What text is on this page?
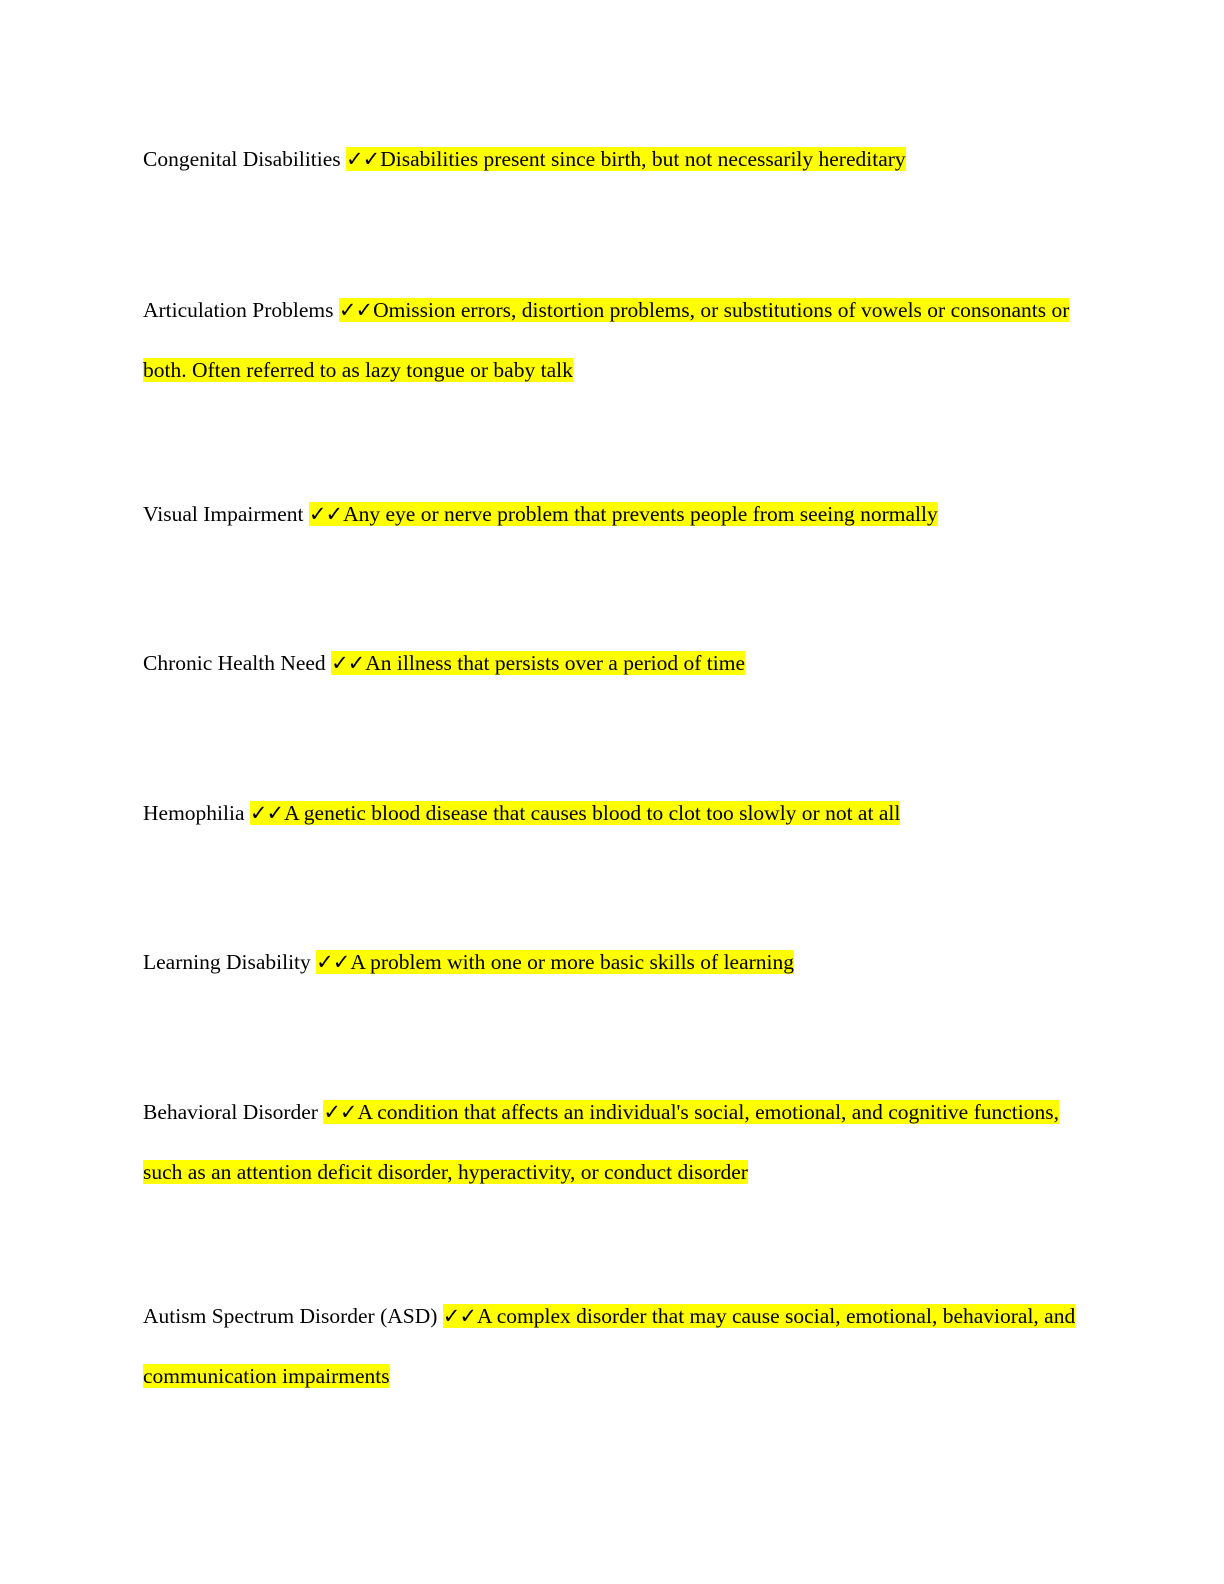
Congenital Disabilities ✓✓Disabilities present since birth, but not necessarily hereditary

Articulation Problems ✓✓Omission errors, distortion problems, or substitutions of vowels or consonants or both. Often referred to as lazy tongue or baby talk

Visual Impairment ✓✓Any eye or nerve problem that prevents people from seeing normally

Chronic Health Need ✓✓An illness that persists over a period of time

Hemophilia ✓✓A genetic blood disease that causes blood to clot too slowly or not at all

Learning Disability ✓✓A problem with one or more basic skills of learning

Behavioral Disorder ✓✓A condition that affects an individual's social, emotional, and cognitive functions, such as an attention deficit disorder, hyperactivity, or conduct disorder

Autism Spectrum Disorder (ASD) ✓✓A complex disorder that may cause social, emotional, behavioral, and communication impairments
